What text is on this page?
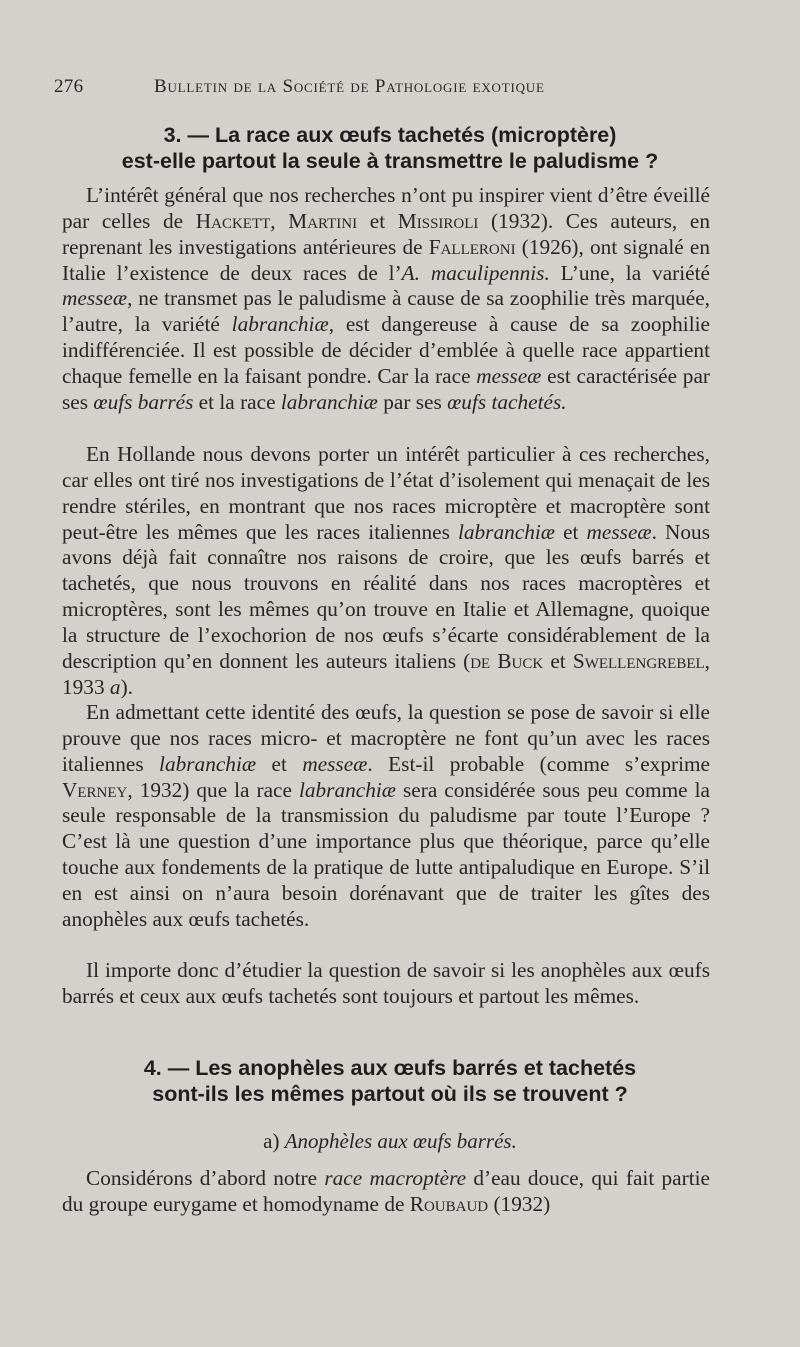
276	Bulletin de la Société de Pathologie exotique
3. — La race aux œufs tachetés (microptère)
est-elle partout la seule à transmettre le paludisme ?

L’intérêt général que nos recherches n’ont pu inspirer vient d’être éveillé par celles de Hackett, Martini et Missiroli (1932). Ces auteurs, en reprenant les investigations antérieures de Falleroni (1926), ont signalé en Italie l’existence de deux races de l’A. maculipennis. L’une, la variété messeæ, ne transmet pas le paludisme à cause de sa zoophilie très marquée, l’autre, la variété labranchiæ, est dangereuse à cause de sa zoophilie indifférenciée. Il est possible de décider d’emblée à quelle race appartient chaque femelle en la faisant pondre. Car la race messeæ est caractérisée par ses œufs barrés et la race labranchiæ par ses œufs tachetés.

En Hollande nous devons porter un intérêt particulier à ces recherches, car elles ont tiré nos investigations de l’état d’isolement qui menaçait de les rendre stériles, en montrant que nos races microptère et macroptère sont peut-être les mêmes que les races italiennes labranchiæ et messeæ. Nous avons déjà fait connaître nos raisons de croire, que les œufs barrés et tachetés, que nous trouvons en réalité dans nos races macroptères et microptères, sont les mêmes qu’on trouve en Italie et Allemagne, quoique la structure de l’exochorion de nos œufs s’écarte considérablement de la description qu’en donnent les auteurs italiens (de Buck et Swellengrebel, 1933 a).

En admettant cette identité des œufs, la question se pose de savoir si elle prouve que nos races micro- et macroptère ne font qu’un avec les races italiennes labranchiæ et messeæ. Est-il probable (comme s’exprime Verney, 1932) que la race labranchiæ sera considérée sous peu comme la seule responsable de la transmission du paludisme par toute l’Europe ? C’est là une question d’une importance plus que théorique, parce qu’elle touche aux fondements de la pratique de lutte antipaludique en Europe. S’il en est ainsi on n’aura besoin dorénavant que de traiter les gîtes des anophèles aux œufs tachetés.

Il importe donc d’étudier la question de savoir si les anophèles aux œufs barrés et ceux aux œufs tachetés sont toujours et partout les mêmes.

4. — Les anophèles aux œufs barrés et tachetés
sont-ils les mêmes partout où ils se trouvent ?
a) Anophèles aux œufs barrés.

Considérons d’abord notre race macroptère d’eau douce, qui fait partie du groupe eurygame et homodyname de Roubaud (1932)
